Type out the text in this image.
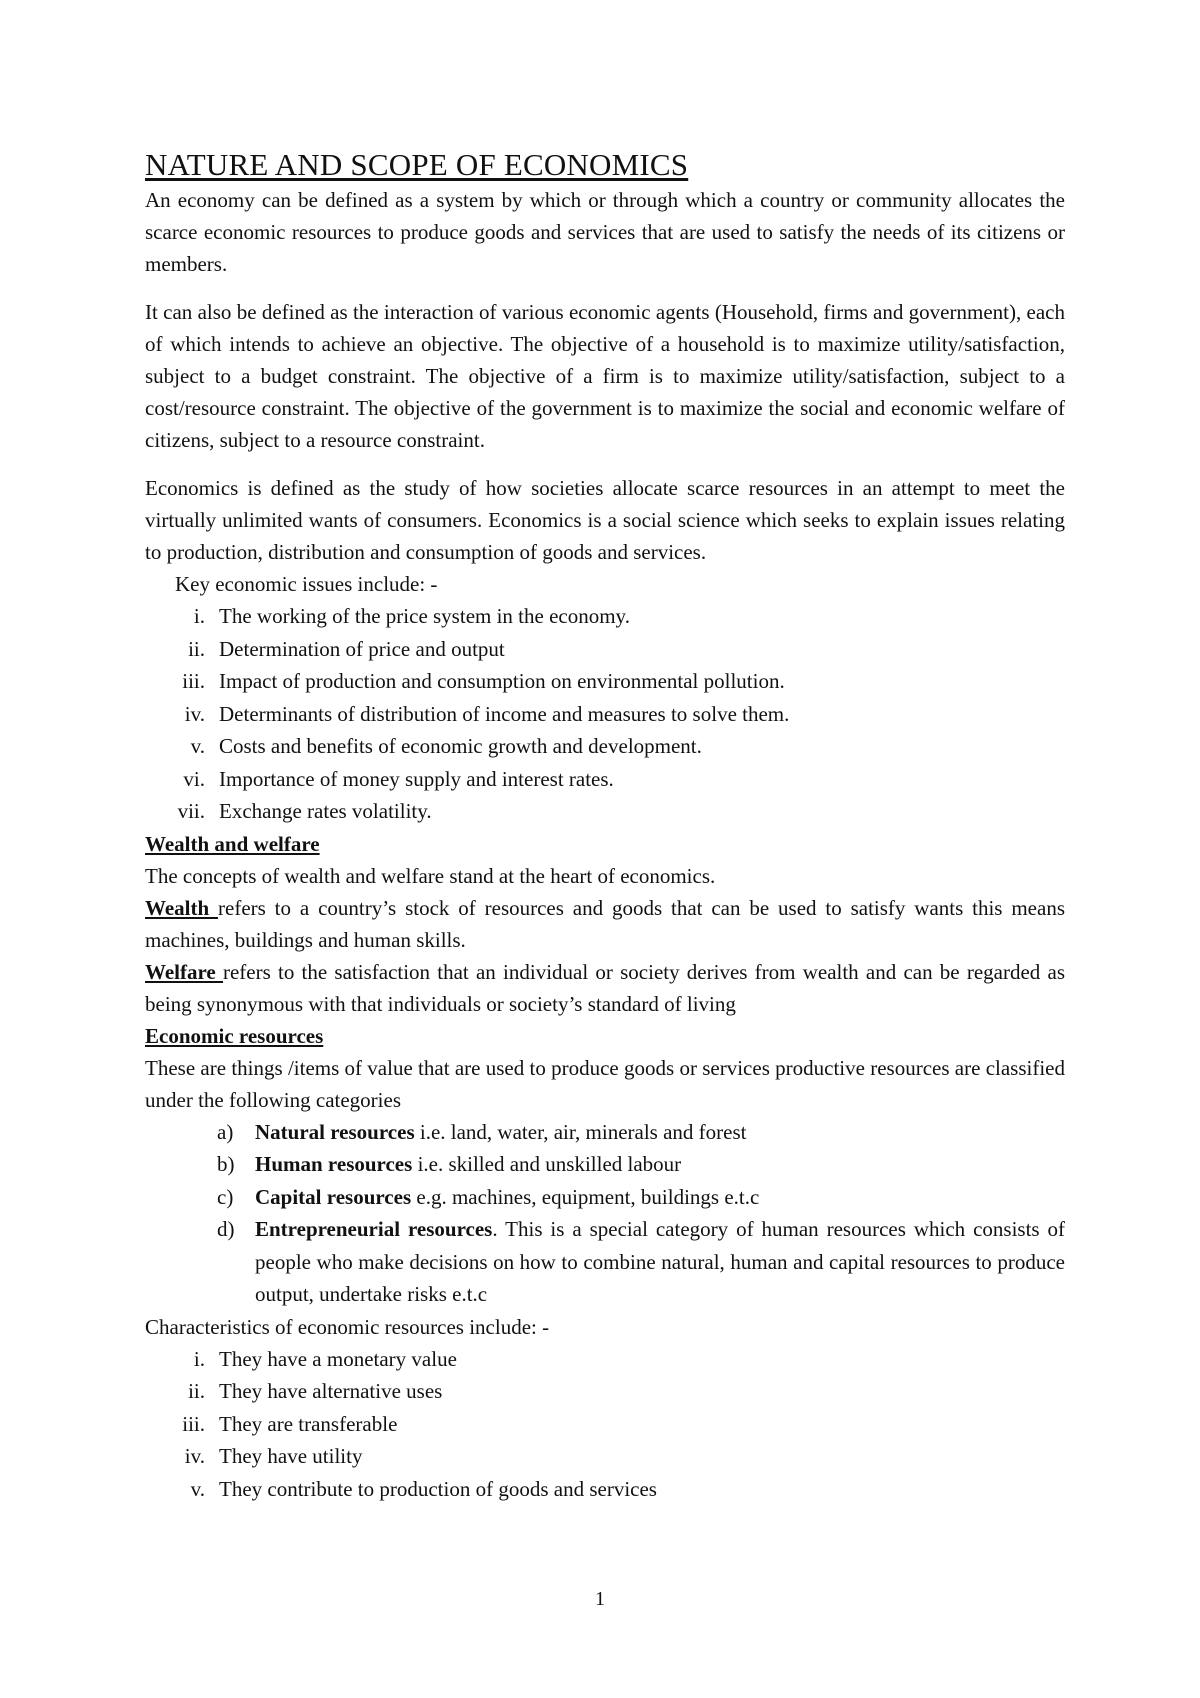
NATURE AND SCOPE OF ECONOMICS

An economy can be defined as a system by which or through which a country or community allocates the scarce economic resources to produce goods and services that are used to satisfy the needs of its citizens or members.

It can also be defined as the interaction of various economic agents (Household, firms and government), each of which intends to achieve an objective. The objective of a household is to maximize utility/satisfaction, subject to a budget constraint. The objective of a firm is to maximize utility/satisfaction, subject to a cost/resource constraint. The objective of the government is to maximize the social and economic welfare of citizens, subject to a resource constraint.

Economics is defined as the study of how societies allocate scarce resources in an attempt to meet the virtually unlimited wants of consumers. Economics is a social science which seeks to explain issues relating to production, distribution and consumption of goods and services.

Key economic issues include: -

i. The working of the price system in the economy.
ii. Determination of price and output
iii. Impact of production and consumption on environmental pollution.
iv. Determinants of distribution of income and measures to solve them.
v. Costs and benefits of economic growth and development.
vi. Importance of money supply and interest rates.
vii. Exchange rates volatility.
Wealth and welfare

The concepts of wealth and welfare stand at the heart of economics.

Wealth refers to a country’s stock of resources and goods that can be used to satisfy wants this means machines, buildings and human skills.

Welfare refers to the satisfaction that an individual or society derives from wealth and can be regarded as being synonymous with that individuals or society’s standard of living

Economic resources

These are things /items of value that are used to produce goods or services productive resources are classified under the following categories

a) Natural resources i.e. land, water, air, minerals and forest
b) Human resources i.e. skilled and unskilled labour
c) Capital resources e.g. machines, equipment, buildings e.t.c
d) Entrepreneurial resources. This is a special category of human resources which consists of people who make decisions on how to combine natural, human and capital resources to produce output, undertake risks e.t.c

Characteristics of economic resources include: -

i. They have a monetary value
ii. They have alternative uses
iii. They are transferable
iv. They have utility
v. They contribute to production of goods and services
1
